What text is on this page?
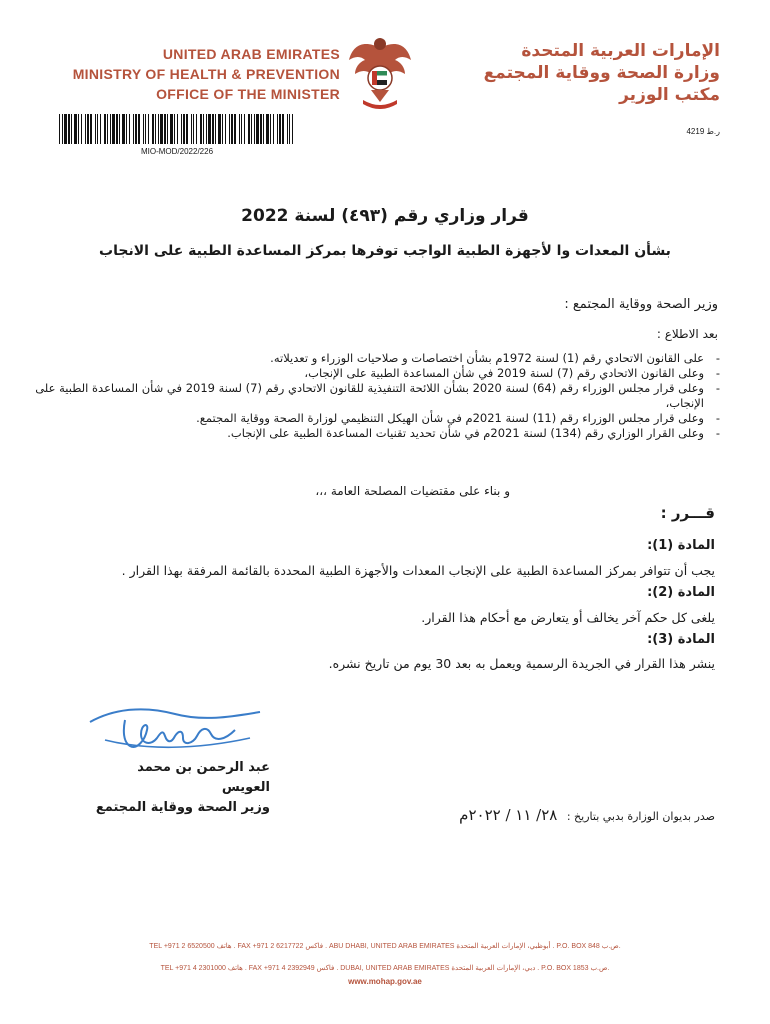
UNITED ARAB EMIRATES
MINISTRY OF HEALTH & PREVENTION
OFFICE OF THE MINISTER
الإمارات العربية المتحدة
وزارة الصحة ووقاية المجتمع
مكتب الوزير
MIO-MOD/2022/226
ر.ط 4219
قرار وزاري رقم (٤٩٣) لسنة 2022
بشأن المعدات وا لأجهزة الطبية الواجب توفرها بمركز المساعدة الطبية على الانجاب
وزير الصحة ووقاية المجتمع :
بعد الاطلاع :
- على القانون الاتحادي رقم (1) لسنة 1972م بشأن اختصاصات و صلاحيات الوزراء و تعديلاته.
- وعلى القانون الاتحادي رقم (7) لسنة 2019 في شأن المساعدة الطبية على الإنجاب،
- وعلى قرار مجلس الوزراء رقم (64) لسنة 2020 بشأن اللائحة التنفيذية للقانون الاتحادي رقم (7) لسنة 2019 في شأن المساعدة الطبية على الإنجاب،
- وعلى قرار مجلس الوزراء رقم (11) لسنة 2021م في شأن الهيكل التنظيمي لوزارة الصحة ووقاية المجتمع.
- وعلى القرار الوزاري رقم (134) لسنة 2021م في شأن تحديد تقنيات المساعدة الطبية على الإنجاب.
و بناء على مقتضيات المصلحة العامة ،،،
قـــرر :
المادة (1):
يجب أن تتوافر بمركز المساعدة الطبية على الإنجاب المعدات والأجهزة الطبية المحددة بالقائمة المرفقة بهذا القرار .
المادة (2):
يلغى كل حكم آخر يخالف أو يتعارض مع أحكام هذا القرار.
المادة (3):
ينشر هذا القرار في الجريدة الرسمية ويعمل به بعد 30 يوم من تاريخ نشره.
عبد الرحمن بن محمد العويس
وزير الصحة ووقاية المجتمع
صدر بديوان الوزارة بدبي بتاريخ : ٢٨/ ١١ / ٢٠٢٢م
TEL +971 2 6520500 هاتف . FAX +971 2 6217722 فاكس . ABU DHABI, UNITED ARAB EMIRATES أبوظبي، الإمارات العربية المتحدة . P.O. BOX 848 ص.ب.
TEL +971 4 2301000 هاتف . FAX +971 4 2392949 فاكس . DUBAI, UNITED ARAB EMIRATES دبي، الإمارات العربية المتحدة . P.O. BOX 1853 ص.ب.
www.mohap.gov.ae
